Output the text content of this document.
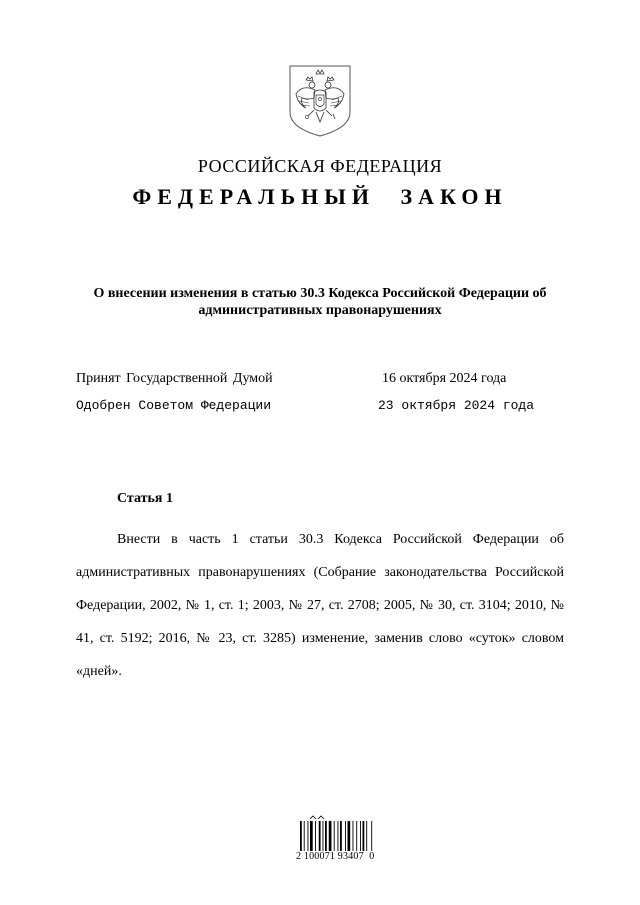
РОССИЙСКАЯ ФЕДЕРАЦИЯ
ФЕДЕРАЛЬНЫЙ ЗАКОН
О внесении изменения в статью 30.3 Кодекса Российской Федерации об административных правонарушениях
Принят Государственной Думой	16 октября 2024 года
Одобрен Советом Федерации	23 октября 2024 года
Статья 1

Внести в часть 1 статьи 30.3 Кодекса Российской Федерации об административных правонарушениях (Собрание законодательства Российской Федерации, 2002, № 1, ст. 1; 2003, № 27, ст. 2708; 2005, № 30, ст. 3104; 2010, № 41, ст. 5192; 2016, № 23, ст. 3285) изменение, заменив слово «суток» словом «дней».

2 100071 93407  0
